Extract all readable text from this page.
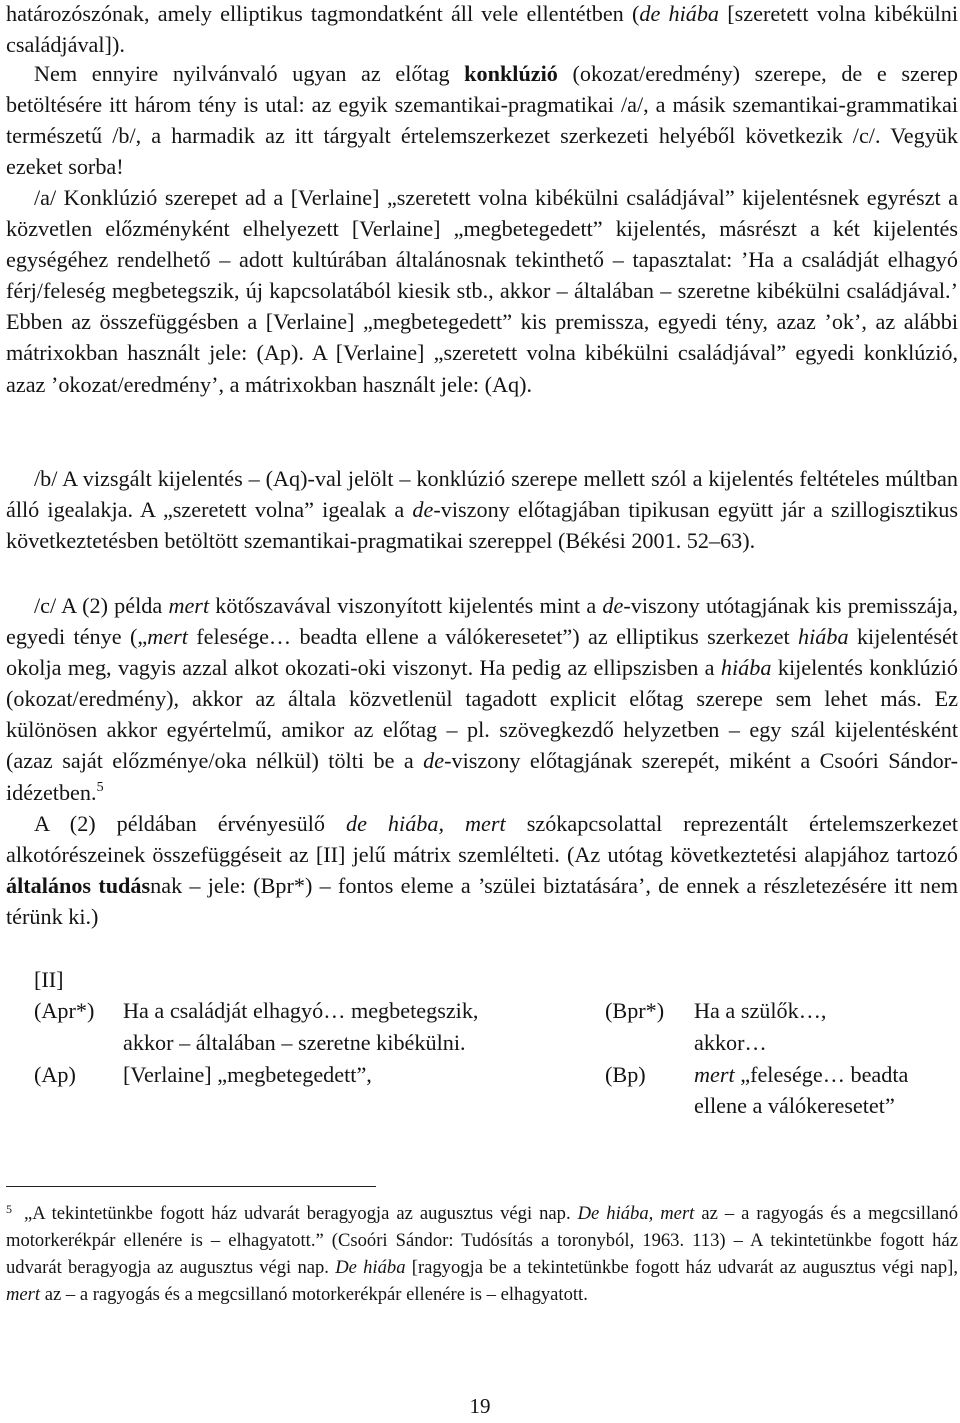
határozószónak, amely elliptikus tagmondatként áll vele ellentétben (de hiába [szeretett volna kibékülni családjával]).

Nem ennyire nyilvánvaló ugyan az előtag konklúzió (okozat/eredmény) szerepe, de e szerep betöltésére itt három tény is utal: az egyik szemantikai-pragmatikai /a/, a másik szemantikai-grammatikai természetű /b/, a harmadik az itt tárgyalt értelemszerkezet szerkezeti helyéből következik /c/. Vegyük ezeket sorba!

/a/ Konklúzió szerepet ad a [Verlaine] „szeretett volna kibékülni családjával” kijelentésnek egyrészt a közvetlen előzményként elhelyezett [Verlaine] „megbetegedett” kijelentés, másrészt a két kijelentés egységéhez rendelhető – adott kultúrában általánosnak tekinthető – tapasztalat: ’Ha a családját elhagyó férj/feleség megbetegszik, új kapcsolatából kiesik stb., akkor – általában – szeretne kibékülni családjával.’ Ebben az összefüggésben a [Verlaine] „megbetegedett” kis premissza, egyedi tény, azaz ’ok’, az alábbi mátrixokban használt jele: (Ap). A [Verlaine] „szeretett volna kibékülni családjával” egyedi konklúzió, azaz ’okozat/eredmény’, a mátrixokban használt jele: (Aq).

/b/ A vizsgált kijelentés – (Aq)-val jelölt – konklúzió szerepe mellett szól a kijelentés feltételes múltban álló igealakja. A „szeretett volna” igealak a de-viszony előtagjában tipikusan együtt jár a szillogisztikus következtetésben betöltött szemantikai-pragmatikai szereppel (Békési 2001. 52–63).

/c/ A (2) példa mert kötőszavával viszonyított kijelentés mint a de-viszony utótagjának kis premisszája, egyedi ténye („mert felesége… beadta ellene a válókeresetet”) az elliptikus szerkezet hiába kijelentését okolja meg, vagyis azzal alkot okozati-oki viszonyt. Ha pedig az ellipszisben a hiába kijelentés konklúzió (okozat/eredmény), akkor az általa közvetlenül tagadott explicit előtag szerepe sem lehet más. Ez különösen akkor egyértelmű, amikor az előtag – pl. szövegkezdő helyzetben – egy szál kijelentésként (azaz saját előzménye/oka nélkül) tölti be a de-viszony előtagjának szerepét, miként a Csoóri Sándor-idézetben.$^5$

A (2) példában érvényesülő de hiába, mert szókapcsolattal reprezentált értelemszerkezet alkotórészeinek összefüggéseit az [II] jelű mátrix szemlélteti. (Az utótag következtetési alapjához tartozó általános tudásnak – jele: (Bpr*) – fontos eleme a ’szülei biztatására’, de ennek a részletezésére itt nem térünk ki.)

[II]
(Apr*) Ha a családját elhagyó… megbetegszik,
akkor – általában – szeretne kibékülni.
(Bpr*) Ha a szülők…,
akkor…
(Ap) [Verlaine] „megbetegedett”,	(Bp) mert „felesége… beadta
ellene a válókeresetet”

$^5$ „A tekintetünkbe fogott ház udvarát beragyogja az augusztus végi nap. De hiába, mert az – a ragyogás és a megcsillanó motorkerékpár ellenére is – elhagyatott.” (Csoóri Sándor: Tudósítás a toronyból, 1963. 113) – A tekintetünkbe fogott ház udvarát beragyogja az augusztus végi nap. De hiába [ragyogja be a tekintetünkbe fogott ház udvarát az augusztus végi nap], mert az – a ragyogás és a megcsillanó motorkerékpár ellenére is – elhagyatott.

19
